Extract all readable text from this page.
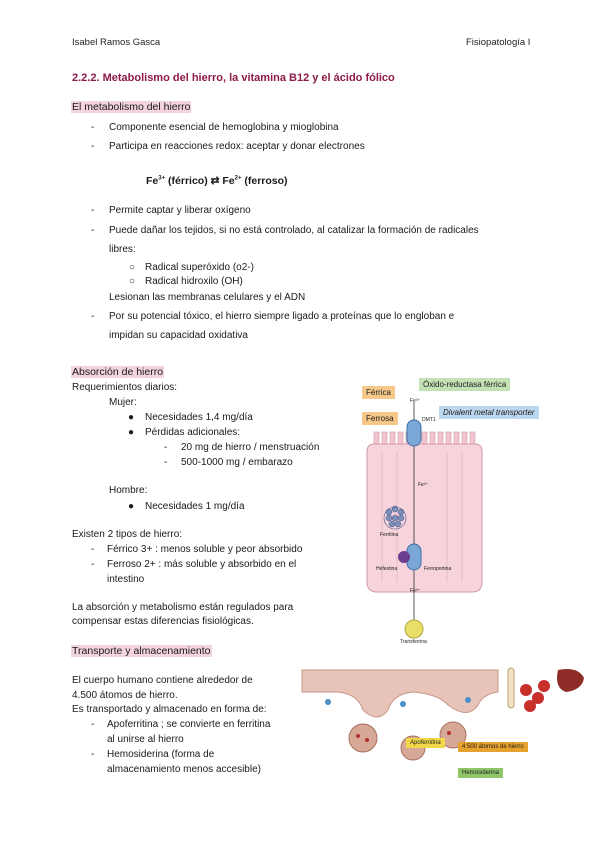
Isabel Ramos Gasca	Fisiopatología I
2.2.2. Metabolismo del hierro, la vitamina B12 y el ácido fólico
El metabolismo del hierro
-	Componente esencial de hemoglobina y mioglobina
-	Participa en reacciones redox: aceptar y donar electrones
$Fe^{3+}$ (férrico) ⇄ $Fe^{2+}$ (ferroso)
-	Permite captar y liberar oxígeno
-	Puede dañar los tejidos, si no está controlado, al catalizar la formación de radicales
libres:
○ Radical superóxido (o2-)
○ Radical hidroxilo (OH)
Lesionan las membranas celulares y el ADN
-	Por su potencial tóxico, el hierro siempre ligado a proteínas que lo engloban e
impidan su capacidad oxidativa
Absorción de hierro
Requerimientos diarios:
Mujer:
● Necesidades 1,4 mg/día
● Pérdidas adicionales:
- 20 mg de hierro / menstruación
- 500-1000 mg / embarazo
Hombre:
● Necesidades 1 mg/día
Existen 2 tipos de hierro:
- Férrico 3+ : menos soluble y peor absorbido
- Ferroso 2+ : más soluble y absorbido en el
intestino
La absorción y metabolismo están regulados para
compensar estas diferencias fisiológicas.
Férrica
Ferrosa
Óxido-reductasa férrica
Divalent metal transporter
Fe³⁺
DMT1
Fe²⁺
Ferritina
Hefestina	Ferroportina
Fe³⁺
Transferrina
Transporte y almacenamiento
El cuerpo humano contiene alrededor de
4.500 átomos de hierro.
Es transportado y almacenado en forma de:
- Apoferritina ; se convierte en ferritina
al unirse al hierro
- Hemosiderina (forma de
almacenamiento menos accesible)
Apoferritina
4 500 átomos de hierro
Hemosiderina
